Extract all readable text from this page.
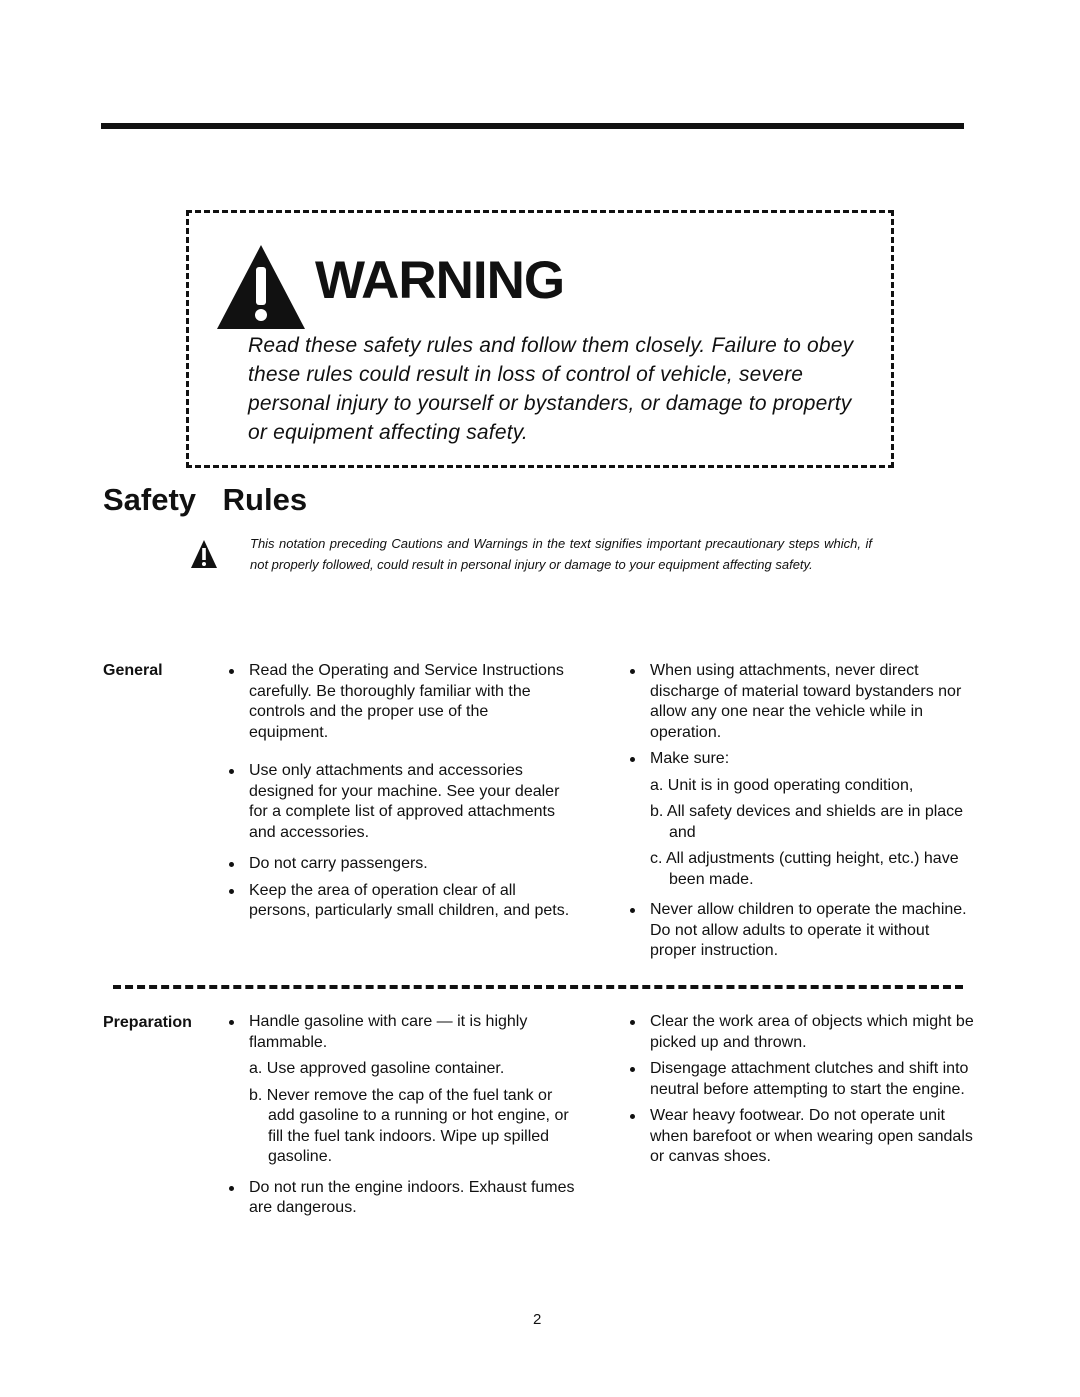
WARNING
Read these safety rules and follow them closely. Failure to obey these rules could result in loss of control of vehicle, severe personal injury to yourself or bystanders, or damage to property or equipment affecting safety.
Safety Rules
This notation preceding Cautions and Warnings in the text signifies important precautionary steps which, if not properly followed, could result in personal injury or damage to your equipment affecting safety.
General	Read the Operating and Service Instructions carefully. Be thoroughly familiar with the controls and the proper use of the equipment.
Use only attachments and accessories designed for your machine. See your dealer for a complete list of approved attachments and accessories.
Do not carry passengers.
Keep the area of operation clear of all persons, particularly small children, and pets.
When using attachments, never direct discharge of material toward bystanders nor allow any one near the vehicle while in operation.
Make sure:
a. Unit is in good operating condition,
b. All safety devices and shields are in place and
c. All adjustments (cutting height, etc.) have been made.
Never allow children to operate the machine. Do not allow adults to operate it without proper instruction.
Preparation	Handle gasoline with care — it is highly flammable.
a. Use approved gasoline container.
b. Never remove the cap of the fuel tank or add gasoline to a running or hot engine, or fill the fuel tank indoors. Wipe up spilled gasoline.
Do not run the engine indoors. Exhaust fumes are dangerous.
Clear the work area of objects which might be picked up and thrown.
Disengage attachment clutches and shift into neutral before attempting to start the engine.
Wear heavy footwear. Do not operate unit when barefoot or when wearing open sandals or canvas shoes.
2
